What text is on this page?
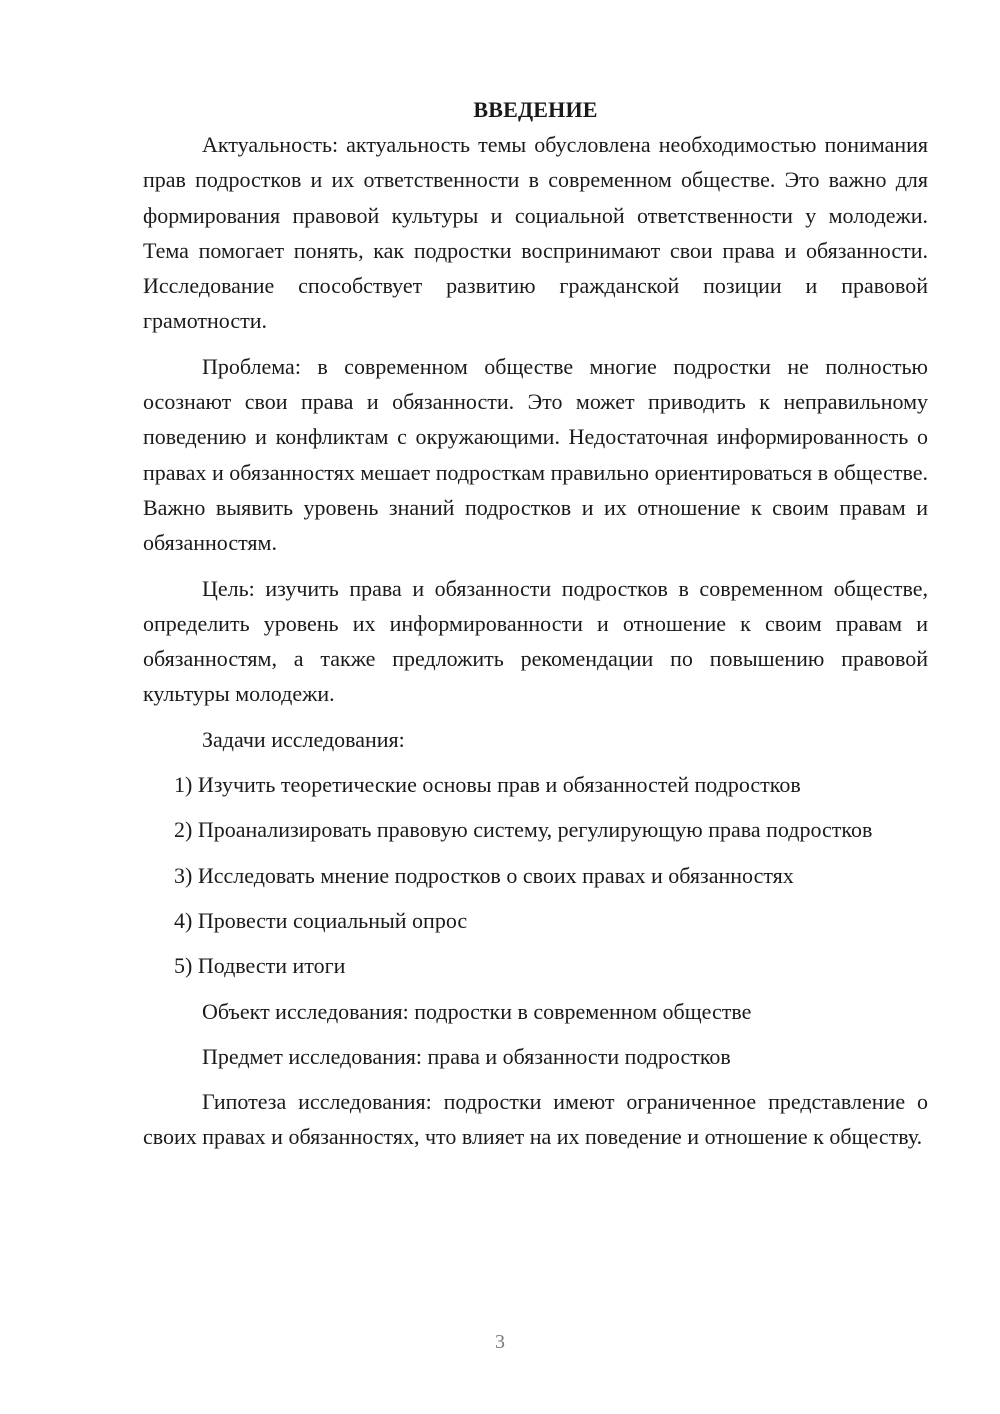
ВВЕДЕНИЕ

Актуальность: актуальность темы обусловлена необходимостью понимания прав подростков и их ответственности в современном обществе. Это важно для формирования правовой культуры и социальной ответственности у молодежи. Тема помогает понять, как подростки воспринимают свои права и обязанности. Исследование способствует развитию гражданской позиции и правовой грамотности.

Проблема: в современном обществе многие подростки не полностью осознают свои права и обязанности. Это может приводить к неправильному поведению и конфликтам с окружающими. Недостаточная информированность о правах и обязанностях мешает подросткам правильно ориентироваться в обществе. Важно выявить уровень знаний подростков и их отношение к своим правам и обязанностям.

Цель: изучить права и обязанности подростков в современном обществе, определить уровень их информированности и отношение к своим правам и обязанностям, а также предложить рекомендации по повышению правовой культуры молодежи.

Задачи исследования:

1) Изучить теоретические основы прав и обязанностей подростков

2) Проанализировать правовую систему, регулирующую права подростков

3) Исследовать мнение подростков о своих правах и обязанностях

4) Провести социальный опрос

5) Подвести итоги

Объект исследования: подростки в современном обществе

Предмет исследования: права и обязанности подростков

Гипотеза исследования: подростки имеют ограниченное представление о своих правах и обязанностях, что влияет на их поведение и отношение к обществу.

3
